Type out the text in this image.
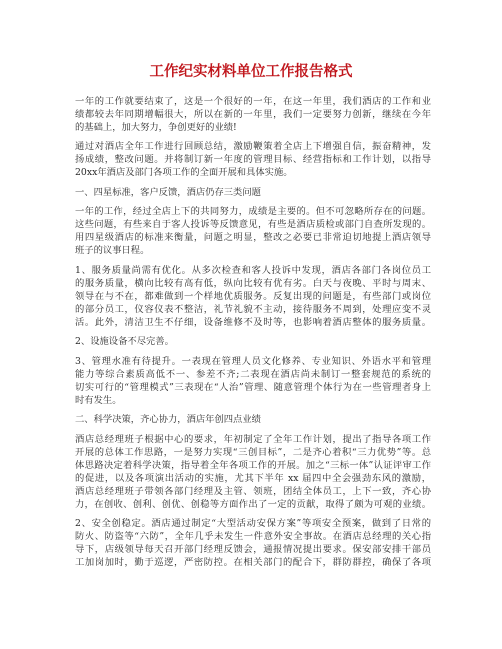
工作纪实材料单位工作报告格式
一年的工作就要结束了，这是一个很好的一年，在这一年里，我们酒店的工作和业
绩都较去年同期增幅很大，所以在新的一年里，我们一定要努力创新，继续在今年
的基础上，加大努力，争创更好的业绩!
通过对酒店全年工作进行回顾总结，激励鞭策着全店上下增强自信，振奋精神，发
扬成绩，整改问题。并将制订新一年度的管理目标、经营指标和工作计划，以指导
20xx年酒店及部门各项工作的全面开展和具体实施。
一、四星标准，客户反馈，酒店仍存三类问题
一年的工作，经过全店上下的共同努力，成绩是主要的。但不可忽略所存在的问题。
这些问题，有些来自于客人投诉等反馈意见，有些是酒店质检或部门自查所发现的。
用四星级酒店的标准来衡量，问题之明显，整改之必要已非常迫切地提上酒店领导
班子的议事日程。
1、服务质量尚需有优化。从多次检查和客人投诉中发现，酒店各部门各岗位员工
的服务质量，横向比较有高有低，纵向比较有优有劣。白天与夜晚、平时与周末、
领导在与不在，都难做到一个样地优质服务。反复出现的问题是，有些部门或岗位
的部分员工，仪容仪表不整洁，礼节礼貌不主动，接待服务不周到，处理应变不灵
活。此外，清洁卫生不仔细，设备维修不及时等，也影响着酒店整体的服务质量。
2、设施设备不尽完善。
3、管理水准有待提升。一表现在管理人员文化修养、专业知识、外语水平和管理
能力等综合素质高低不一、参差不齐;二表现在酒店尚未制订一整套规范的系统的
切实可行的“管理模式”三表现在“人治”管理、随意管理个体行为在一些管理者身上
时有发生。
二、科学决策，齐心协力，酒店年创四点业绩
酒店总经理班子根据中心的要求，年初制定了全年工作计划，提出了指导各项工作
开展的总体工作思路，一是努力实现“三创目标”，二是齐心着积“三力优势”等。总
体思路决定着科学决策，指导着全年各项工作的开展。加之“三标一体”认证评审工作
的促进，以及各项演出活动的实施，尤其下半年 xx 届四中全会强劲东风的激励，
酒店总经理班子带领各部门经理及主管、领班，团结全体员工，上下一致，齐心协
力，在创收、创利、创优、创稳等方面作出了一定的贡献，取得了颇为可观的业绩。
2、安全创稳定。酒店通过制定“大型活动安保方案”等项安全预案，做到了日常的
防火、防盗等“六防”，全年几乎未发生一件意外安全事故。在酒店总经理的关心指
导下，店级领导每天召开部门经理反馈会，通报情况提出要求。保安部安排干部员
工加岗加时，勤于巡逻，严密防控。在相关部门的配合下，群防群控，确保了各项
